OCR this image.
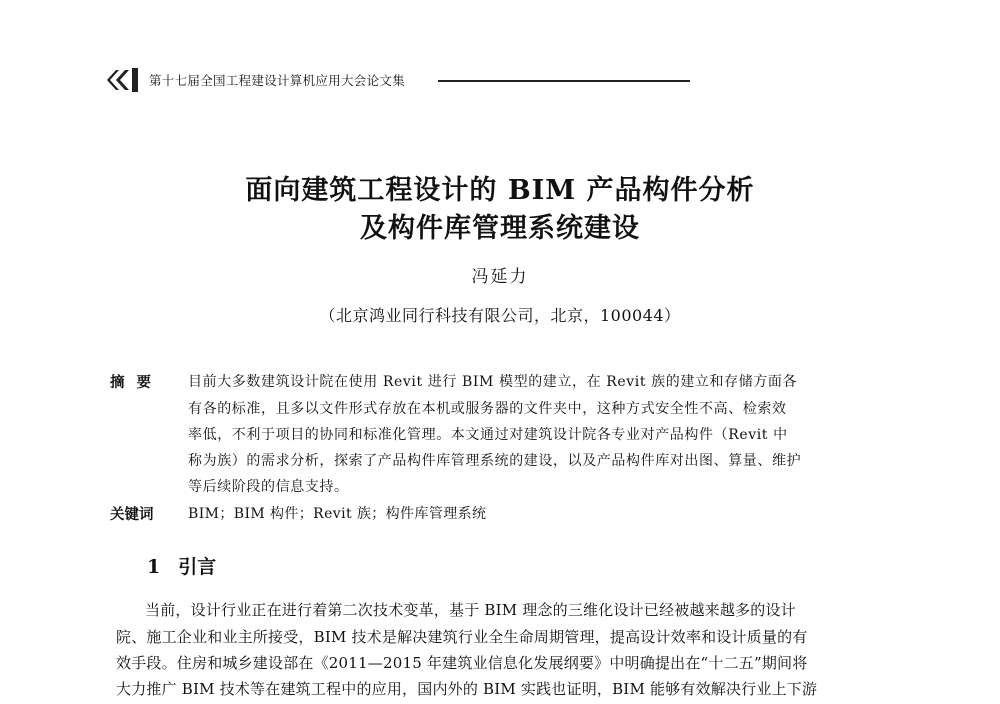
第十七届全国工程建设计算机应用大会论文集
面向建筑工程设计的 BIM 产品构件分析
及构件库管理系统建设
冯延力
（北京鸿业同行科技有限公司，北京，100044）
摘要 目前大多数建筑设计院在使用 Revit 进行 BIM 模型的建立，在 Revit 族的建立和存储方面各
有各的标准，且多以文件形式存放在本机或服务器的文件夹中，这种方式安全性不高、检索效
率低，不利于项目的协同和标准化管理。本文通过对建筑设计院各专业对产品构件（Revit 中
称为族）的需求分析，探索了产品构件库管理系统的建设，以及产品构件库对出图、算量、维护
等后续阶段的信息支持。
关键词 BIM；BIM 构件；Revit 族；构件库管理系统
1 引言
当前，设计行业正在进行着第二次技术变革，基于 BIM 理念的三维化设计已经被越来越多的设计
院、施工企业和业主所接受，BIM 技术是解决建筑行业全生命周期管理，提高设计效率和设计质量的有
效手段。住房和城乡建设部在《2011—2015 年建筑业信息化发展纲要》中明确提出在“十二五”期间将
大力推广 BIM 技术等在建筑工程中的应用，国内外的 BIM 实践也证明，BIM 能够有效解决行业上下游
